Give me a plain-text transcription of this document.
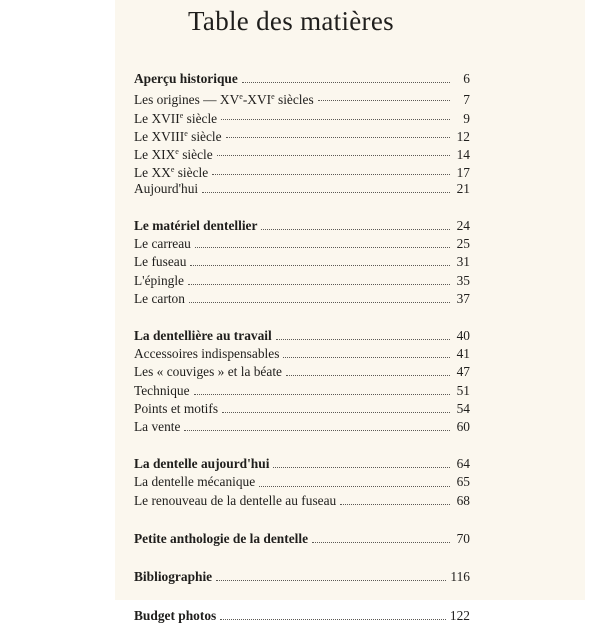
Table des matières
Aperçu historique	6
Les origines — XVe-XVIe siècles	7
Le XVIIe siècle	9
Le XVIIIe siècle	12
Le XIXe siècle	14
Le XXe siècle	17
Aujourd'hui	21
Le matériel dentellier	24
Le carreau	25
Le fuseau	31
L'épingle	35
Le carton	37
La dentellière au travail	40
Accessoires indispensables	41
Les « couviges » et la béate	47
Technique	51
Points et motifs	54
La vente	60
La dentelle aujourd'hui	64
La dentelle mécanique	65
Le renouveau de la dentelle au fuseau	68
Petite anthologie de la dentelle	70
Bibliographie	116
Budget photos	122
